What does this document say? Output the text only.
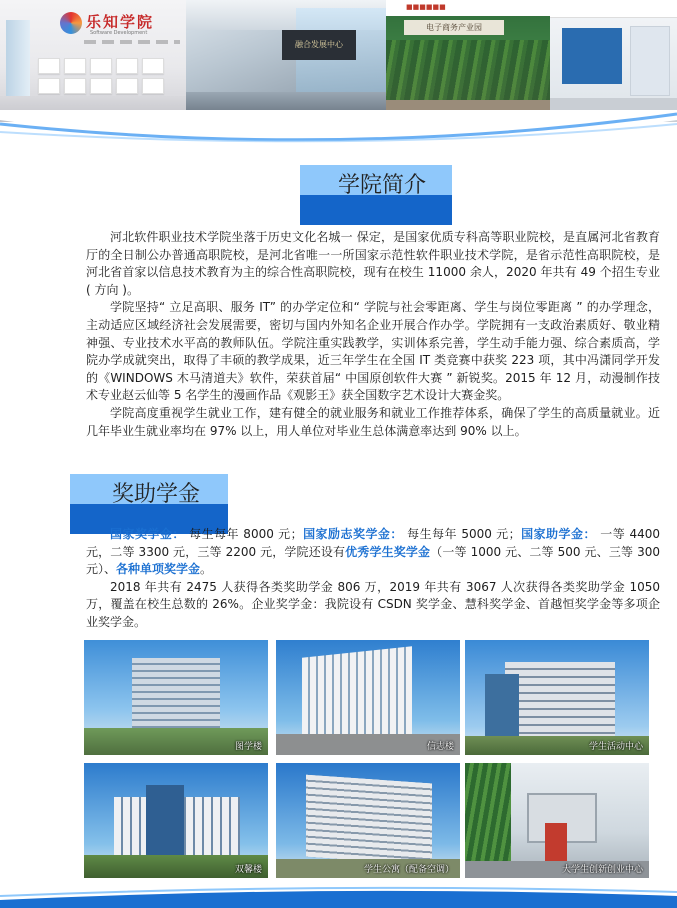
乐知学院
Software Development
融合发展中心
■■■■■■
电子商务产业园
学院简介

河北软件职业技术学院坐落于历史文化名城一 保定，是国家优质专科高等职业院校，是直属河北省教育厅的全日制公办普通高职院校，是河北省唯一一所国家示范性软件职业技术学院，是省示范性高职院校，是河北省首家以信息技术教育为主的综合性高职院校，现有在校生 11000 余人，2020 年共有 49 个招生专业 ( 方向 )。

学院坚持“ 立足高职、服务 IT” 的办学定位和“ 学院与社会零距离、学生与岗位零距离 ” 的办学理念，主动适应区域经济社会发展需要，密切与国内外知名企业开展合作办学。学院拥有一支政治素质好、敬业精神强、专业技术水平高的教师队伍。学院注重实践教学，实训体系完善，学生动手能力强、综合素质高，学院办学成就突出，取得了丰硕的教学成果，近三年学生在全国 IT 类竞赛中获奖 223 项，其中冯潇同学开发的《WINDOWS 木马清道夫》软件，荣获首届“ 中国原创软件大赛 ” 新锐奖。2015 年 12 月，动漫制作技术专业赵云仙等 5 名学生的漫画作品《观影王》获全国数字艺术设计大赛金奖。

学院高度重视学生就业工作，建有健全的就业服务和就业工作推荐体系，确保了学生的高质量就业。近几年毕业生就业率均在 97% 以上，用人单位对毕业生总体满意率达到 90% 以上。

奖助学金

国家奖学金： 每生每年 8000 元；国家励志奖学金： 每生每年 5000 元；国家助学金： 一等 4400 元，二等 3300 元，三等 2200 元，学院还设有优秀学生奖学金（一等 1000 元、二等 500 元、三等 300 元）、各种单项奖学金。

2018 年共有 2475 人获得各类奖助学金 806 万，2019 年共有 3067 人次获得各类奖助学金 1050 万，覆盖在校生总数的 26%。企业奖学金：我院设有 CSDN 奖学金、慧科奖学金、首越恒奖学金等多项企业奖学金。

图学楼	信志楼	学生活动中心
双馨楼	学生公寓（配备空调）	大学生创新创业中心
